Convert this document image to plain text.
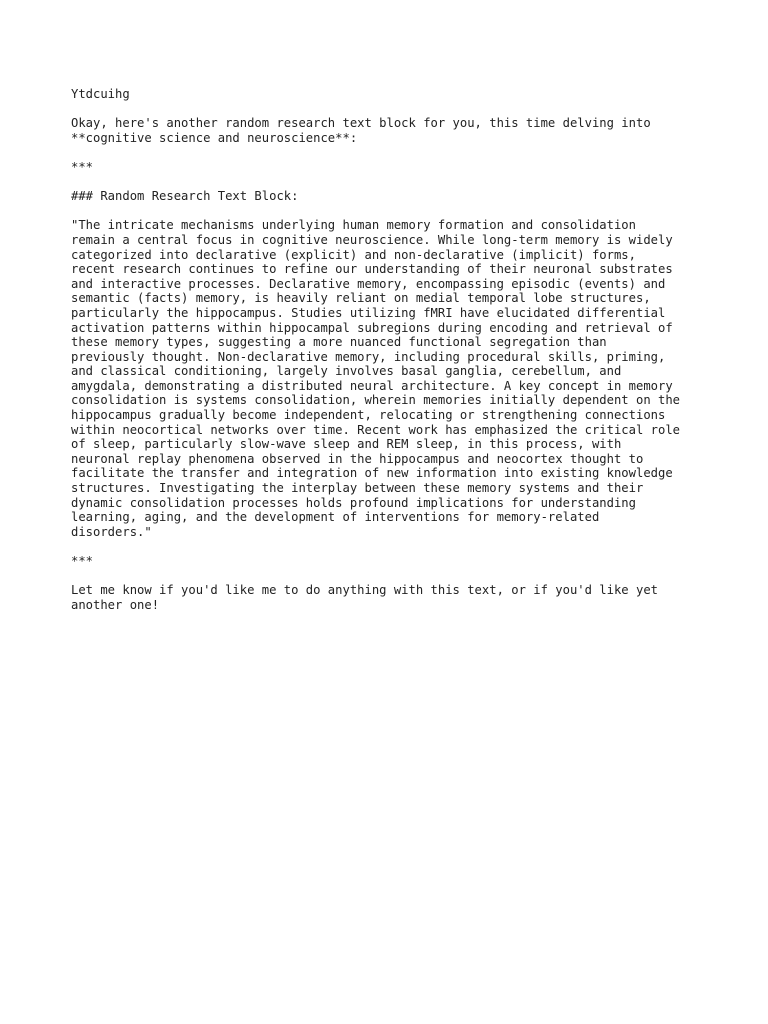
Ytdcuihg

Okay, here's another random research text block for you, this time delving into

**cognitive science and neuroscience**:

***

### Random Research Text Block:

"The intricate mechanisms underlying human memory formation and consolidation

remain a central focus in cognitive neuroscience. While long-term memory is widely

categorized into declarative (explicit) and non-declarative (implicit) forms,

recent research continues to refine our understanding of their neuronal substrates

and interactive processes. Declarative memory, encompassing episodic (events) and

semantic (facts) memory, is heavily reliant on medial temporal lobe structures,

particularly the hippocampus. Studies utilizing fMRI have elucidated differential

activation patterns within hippocampal subregions during encoding and retrieval of

these memory types, suggesting a more nuanced functional segregation than

previously thought. Non-declarative memory, including procedural skills, priming,

and classical conditioning, largely involves basal ganglia, cerebellum, and

amygdala, demonstrating a distributed neural architecture. A key concept in memory

consolidation is systems consolidation, wherein memories initially dependent on the

hippocampus gradually become independent, relocating or strengthening connections

within neocortical networks over time. Recent work has emphasized the critical role

of sleep, particularly slow-wave sleep and REM sleep, in this process, with

neuronal replay phenomena observed in the hippocampus and neocortex thought to

facilitate the transfer and integration of new information into existing knowledge

structures. Investigating the interplay between these memory systems and their

dynamic consolidation processes holds profound implications for understanding

learning, aging, and the development of interventions for memory-related

disorders."

***

Let me know if you'd like me to do anything with this text, or if you'd like yet

another one!
